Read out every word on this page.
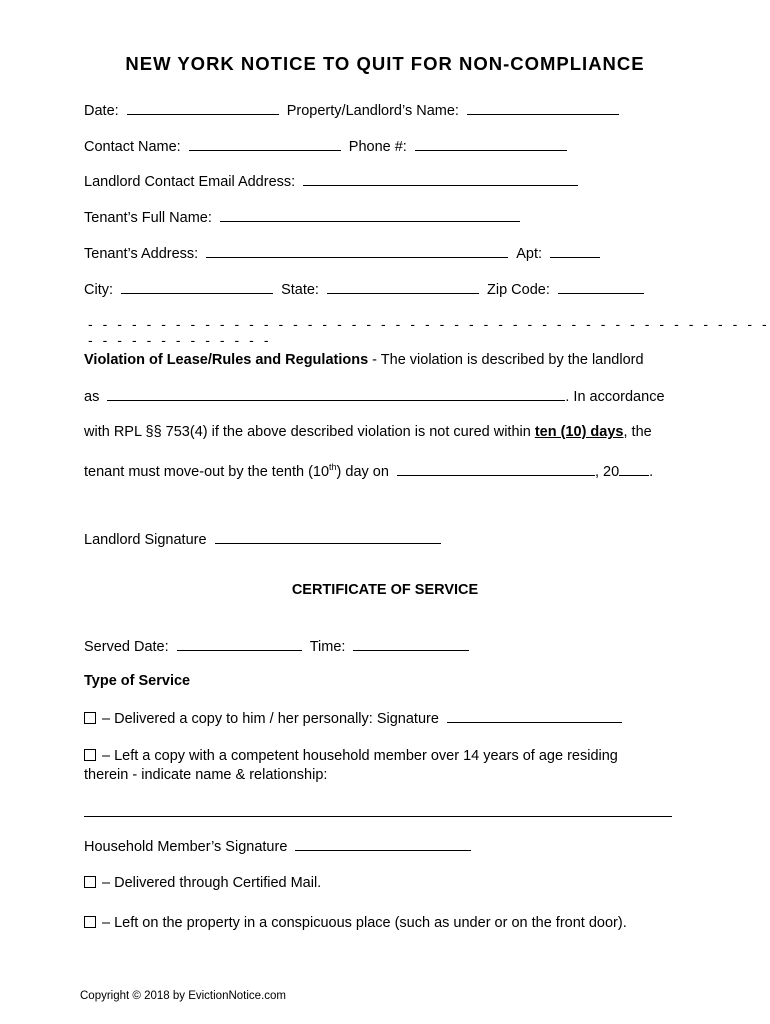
NEW YORK NOTICE TO QUIT FOR NON-COMPLIANCE
Date:	Property/Landlord’s Name:
Contact Name:	Phone #:
Landlord Contact Email Address:
Tenant’s Full Name:
Tenant’s Address:	Apt:
City:	State:	Zip Code:
- - - - - - - - - - - - - - - - - - - - - - - - - - - - - - - - - - - - - - - - - - - - - - - - - - - - - - - - - - - -
Violation of Lease/Rules and Regulations - The violation is described by the landlord
as	. In accordance
with RPL §§ 753(4) if the above described violation is not cured within ten (10) days, the
tenant must move-out by the tenth (10th) day on	, 20 .
Landlord Signature
CERTIFICATE OF SERVICE
Served Date:	Time:
Type of Service
– Delivered a copy to him / her personally: Signature
– Left a copy with a competent household member over 14 years of age residing
therein - indicate name & relationship:
Household Member’s Signature
– Delivered through Certified Mail.
– Left on the property in a conspicuous place (such as under or on the front door).
Copyright © 2018 by EvictionNotice.com
